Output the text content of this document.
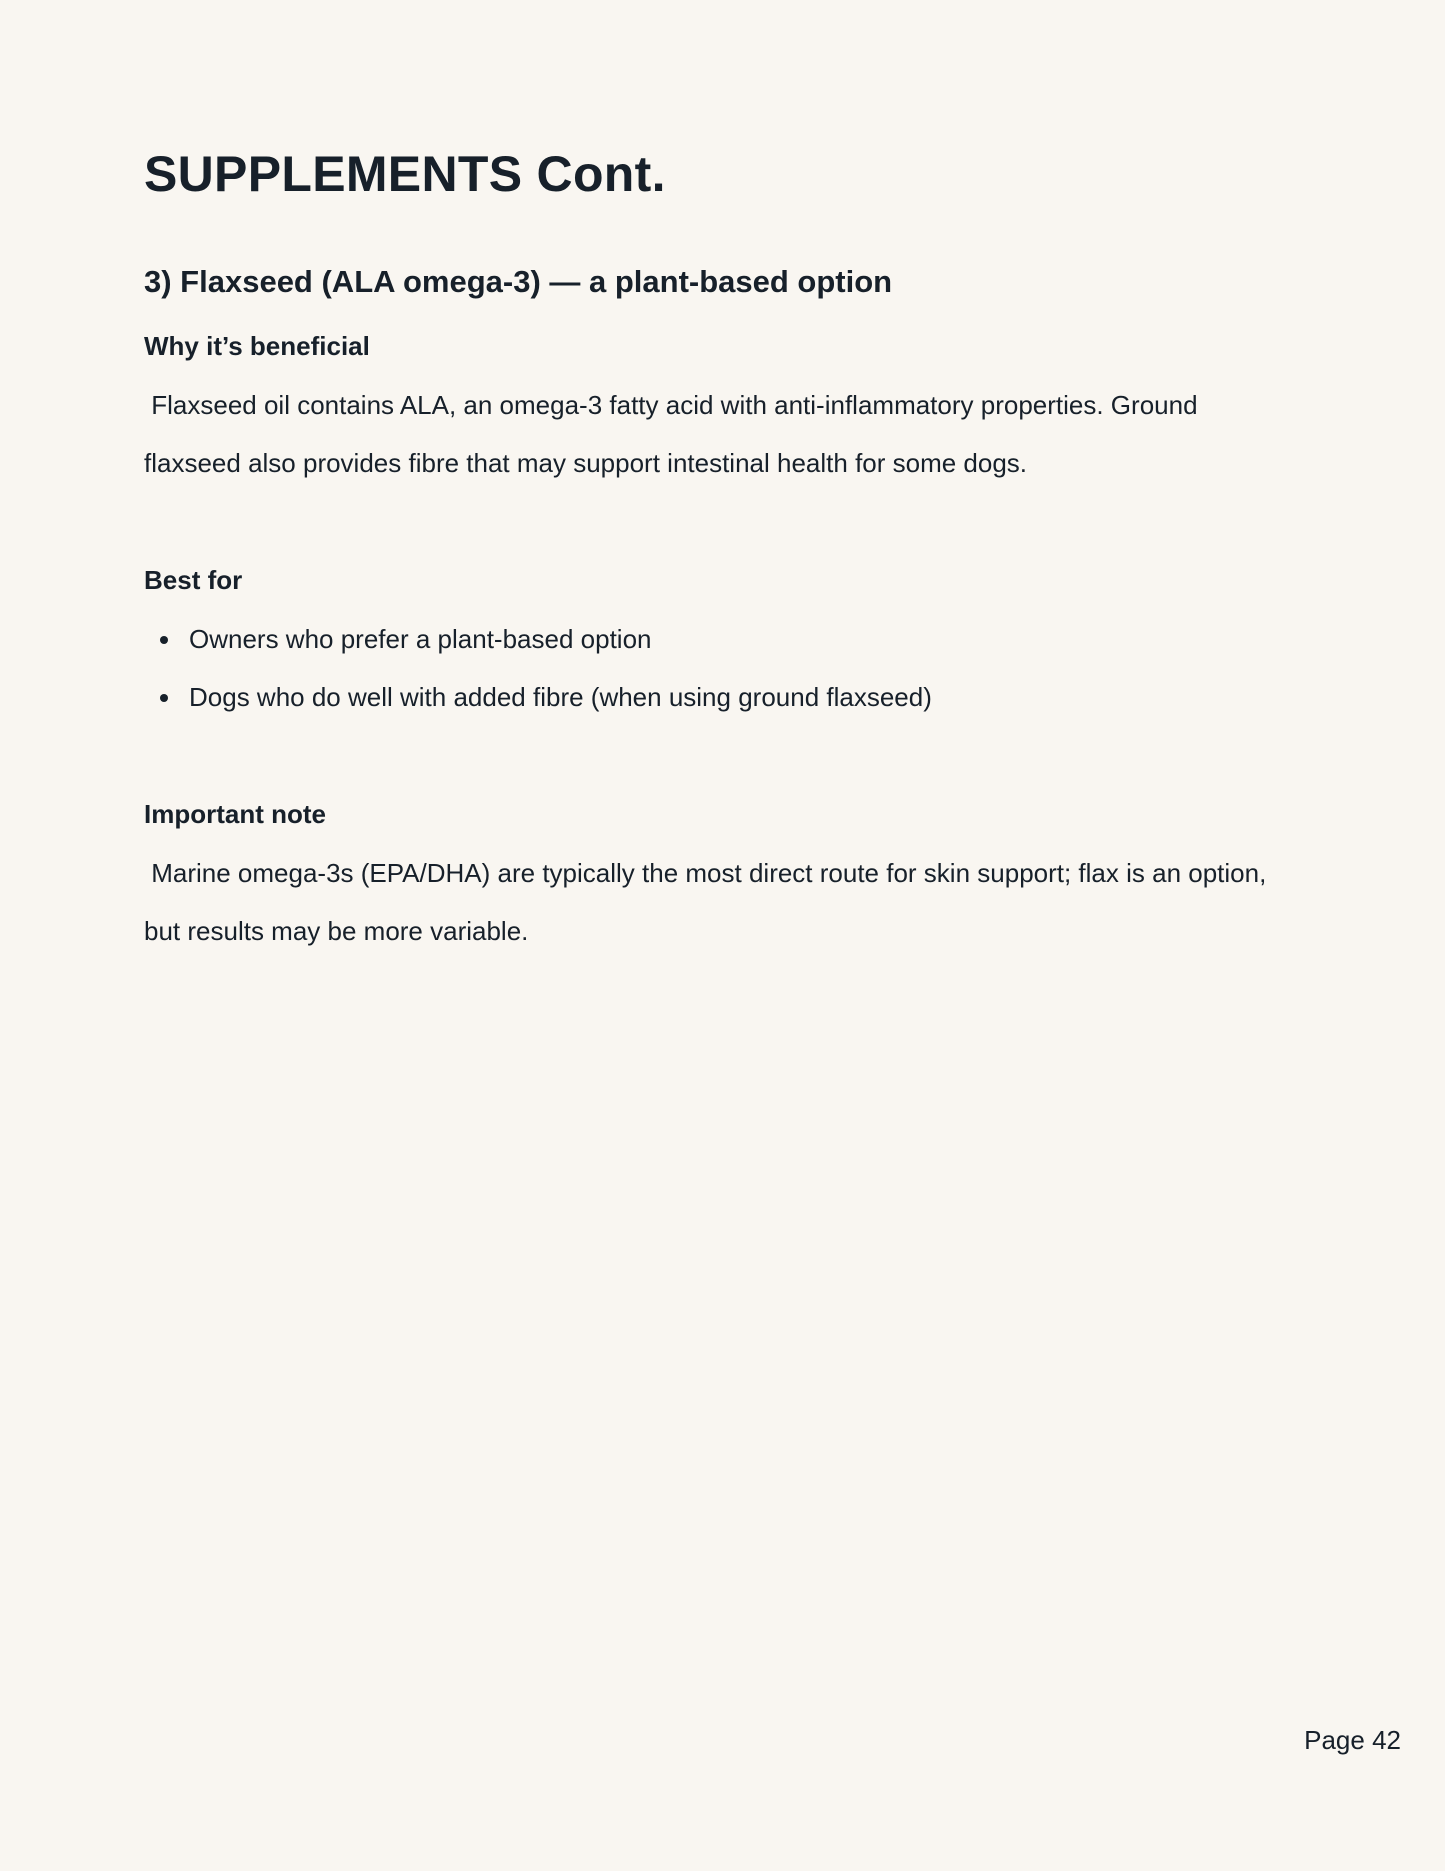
SUPPLEMENTS Cont.
3) Flaxseed (ALA omega-3) — a plant-based option
Why it’s beneficial

Flaxseed oil contains ALA, an omega-3 fatty acid with anti-inflammatory properties. Ground flaxseed also provides fibre that may support intestinal health for some dogs.

Best for
Owners who prefer a plant-based option
Dogs who do well with added fibre (when using ground flaxseed)
Important note

Marine omega-3s (EPA/DHA) are typically the most direct route for skin support; flax is an option, but results may be more variable.

Page 42
